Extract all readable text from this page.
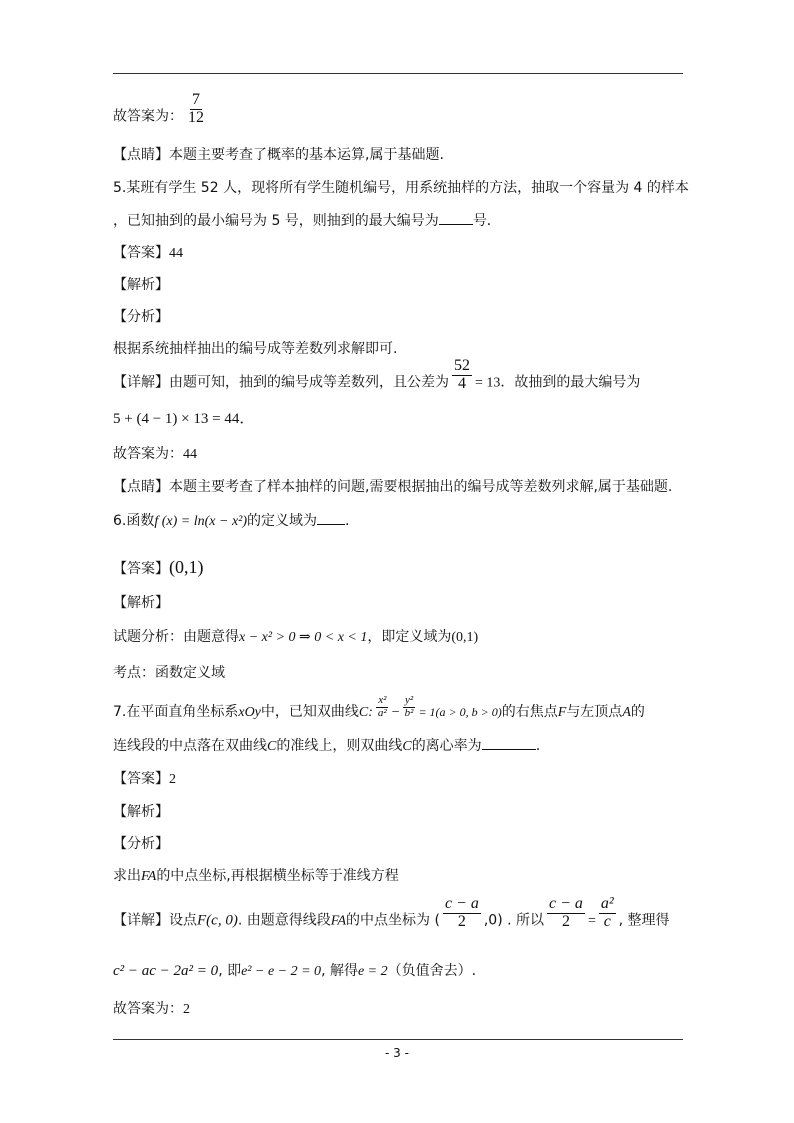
故答案为： $\frac{7}{12}$
【点睛】本题主要考查了概率的基本运算,属于基础题.
5.某班有学生 52 人，现将所有学生随机编号，用系统抽样的方法，抽取一个容量为 4 的样本
，已知抽到的最小编号为 5 号，则抽到的最大编号为 号．
【答案】44
【解析】
【分析】
根据系统抽样抽出的编号成等差数列求解即可.
【详解】由题可知，抽到的编号成等差数列，且公差为 $\frac{52}{4} = 13$．故抽到的最大编号为
5 + (4 − 1) × 13 = 44．
故答案为：44
【点睛】本题主要考查了样本抽样的问题,需要根据抽出的编号成等差数列求解,属于基础题.
6.函数f (x) = ln(x − x²)的定义域为 .
【答案】(0,1)
【解析】
试题分析：由题意得x − x² > 0 ⇒ 0 < x < 1，即定义域为(0,1)
考点：函数定义域
7.在平面直角坐标系xOy中，已知双曲线C: $\frac{\text{x²}}{\text{a²}} - \frac{\text{y²}}{\text{b²}} = 1(a > 0$, b > 0)的右焦点F与左顶点A的
连线段的中点落在双曲线C的准线上，则双曲线C的离心率为	.
【答案】2
【解析】
【分析】
求出FA的中点坐标,再根据横坐标等于准线方程
【详解】设点F(c, 0). 由题意得线段FA的中点坐标为 ( $\frac{c - a}{2} ,0$) . 所以 $\frac{c - a}{2} = \frac{\text{a²}}{c}$ , 整理得
c² − ac − 2a² = 0, 即e² − e − 2 = 0, 解得e = 2（负值舍去）.
故答案为：2
- 3 -
